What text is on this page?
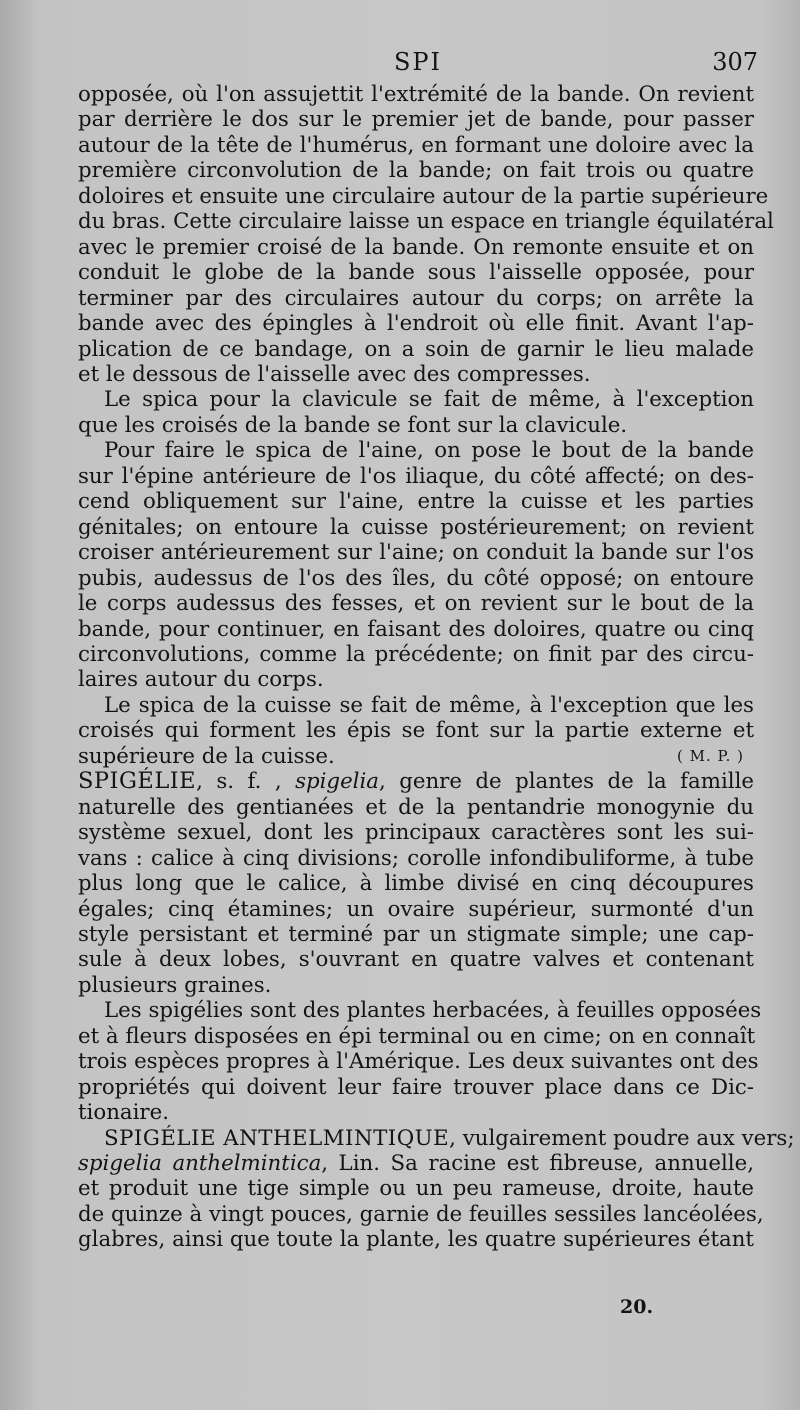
SPI	307
opposée, où l'on assujettit l'extrémité de la bande. On revient
par derrière le dos sur le premier jet de bande, pour passer
autour de la tête de l'humérus, en formant une doloire avec la
première circonvolution de la bande; on fait trois ou quatre
doloires et ensuite une circulaire autour de la partie supérieure
du bras. Cette circulaire laisse un espace en triangle équilatéral
avec le premier croisé de la bande. On remonte ensuite et on
conduit le globe de la bande sous l'aisselle opposée, pour
terminer par des circulaires autour du corps; on arrête la
bande avec des épingles à l'endroit où elle finit. Avant l'ap-
plication de ce bandage, on a soin de garnir le lieu malade
et le dessous de l'aisselle avec des compresses.
Le spica pour la clavicule se fait de même, à l'exception
que les croisés de la bande se font sur la clavicule.
Pour faire le spica de l'aine, on pose le bout de la bande
sur l'épine antérieure de l'os iliaque, du côté affecté; on des-
cend obliquement sur l'aine, entre la cuisse et les parties
génitales; on entoure la cuisse postérieurement; on revient
croiser antérieurement sur l'aine; on conduit la bande sur l'os
pubis, audessus de l'os des îles, du côté opposé; on entoure
le corps audessus des fesses, et on revient sur le bout de la
bande, pour continuer, en faisant des doloires, quatre ou cinq
circonvolutions, comme la précédente; on finit par des circu-
laires autour du corps.
Le spica de la cuisse se fait de même, à l'exception que les
croisés qui forment les épis se font sur la partie externe et
supérieure de la cuisse.	( M. P. )
SPIGÉLIE, s. f. , spigelia, genre de plantes de la famille
naturelle des gentianées et de la pentandrie monogynie du
système sexuel, dont les principaux caractères sont les sui-
vans : calice à cinq divisions; corolle infondibuliforme, à tube
plus long que le calice, à limbe divisé en cinq découpures
égales; cinq étamines; un ovaire supérieur, surmonté d'un
style persistant et terminé par un stigmate simple; une cap-
sule à deux lobes, s'ouvrant en quatre valves et contenant
plusieurs graines.
Les spigélies sont des plantes herbacées, à feuilles opposées
et à fleurs disposées en épi terminal ou en cime; on en connaît
trois espèces propres à l'Amérique. Les deux suivantes ont des
propriétés qui doivent leur faire trouver place dans ce Dic-
tionaire.
SPIGÉLIE ANTHELMINTIQUE, vulgairement poudre aux vers;
spigelia anthelmintica, Lin. Sa racine est fibreuse, annuelle,
et produit une tige simple ou un peu rameuse, droite, haute
de quinze à vingt pouces, garnie de feuilles sessiles lancéolées,
glabres, ainsi que toute la plante, les quatre supérieures étant
20.
